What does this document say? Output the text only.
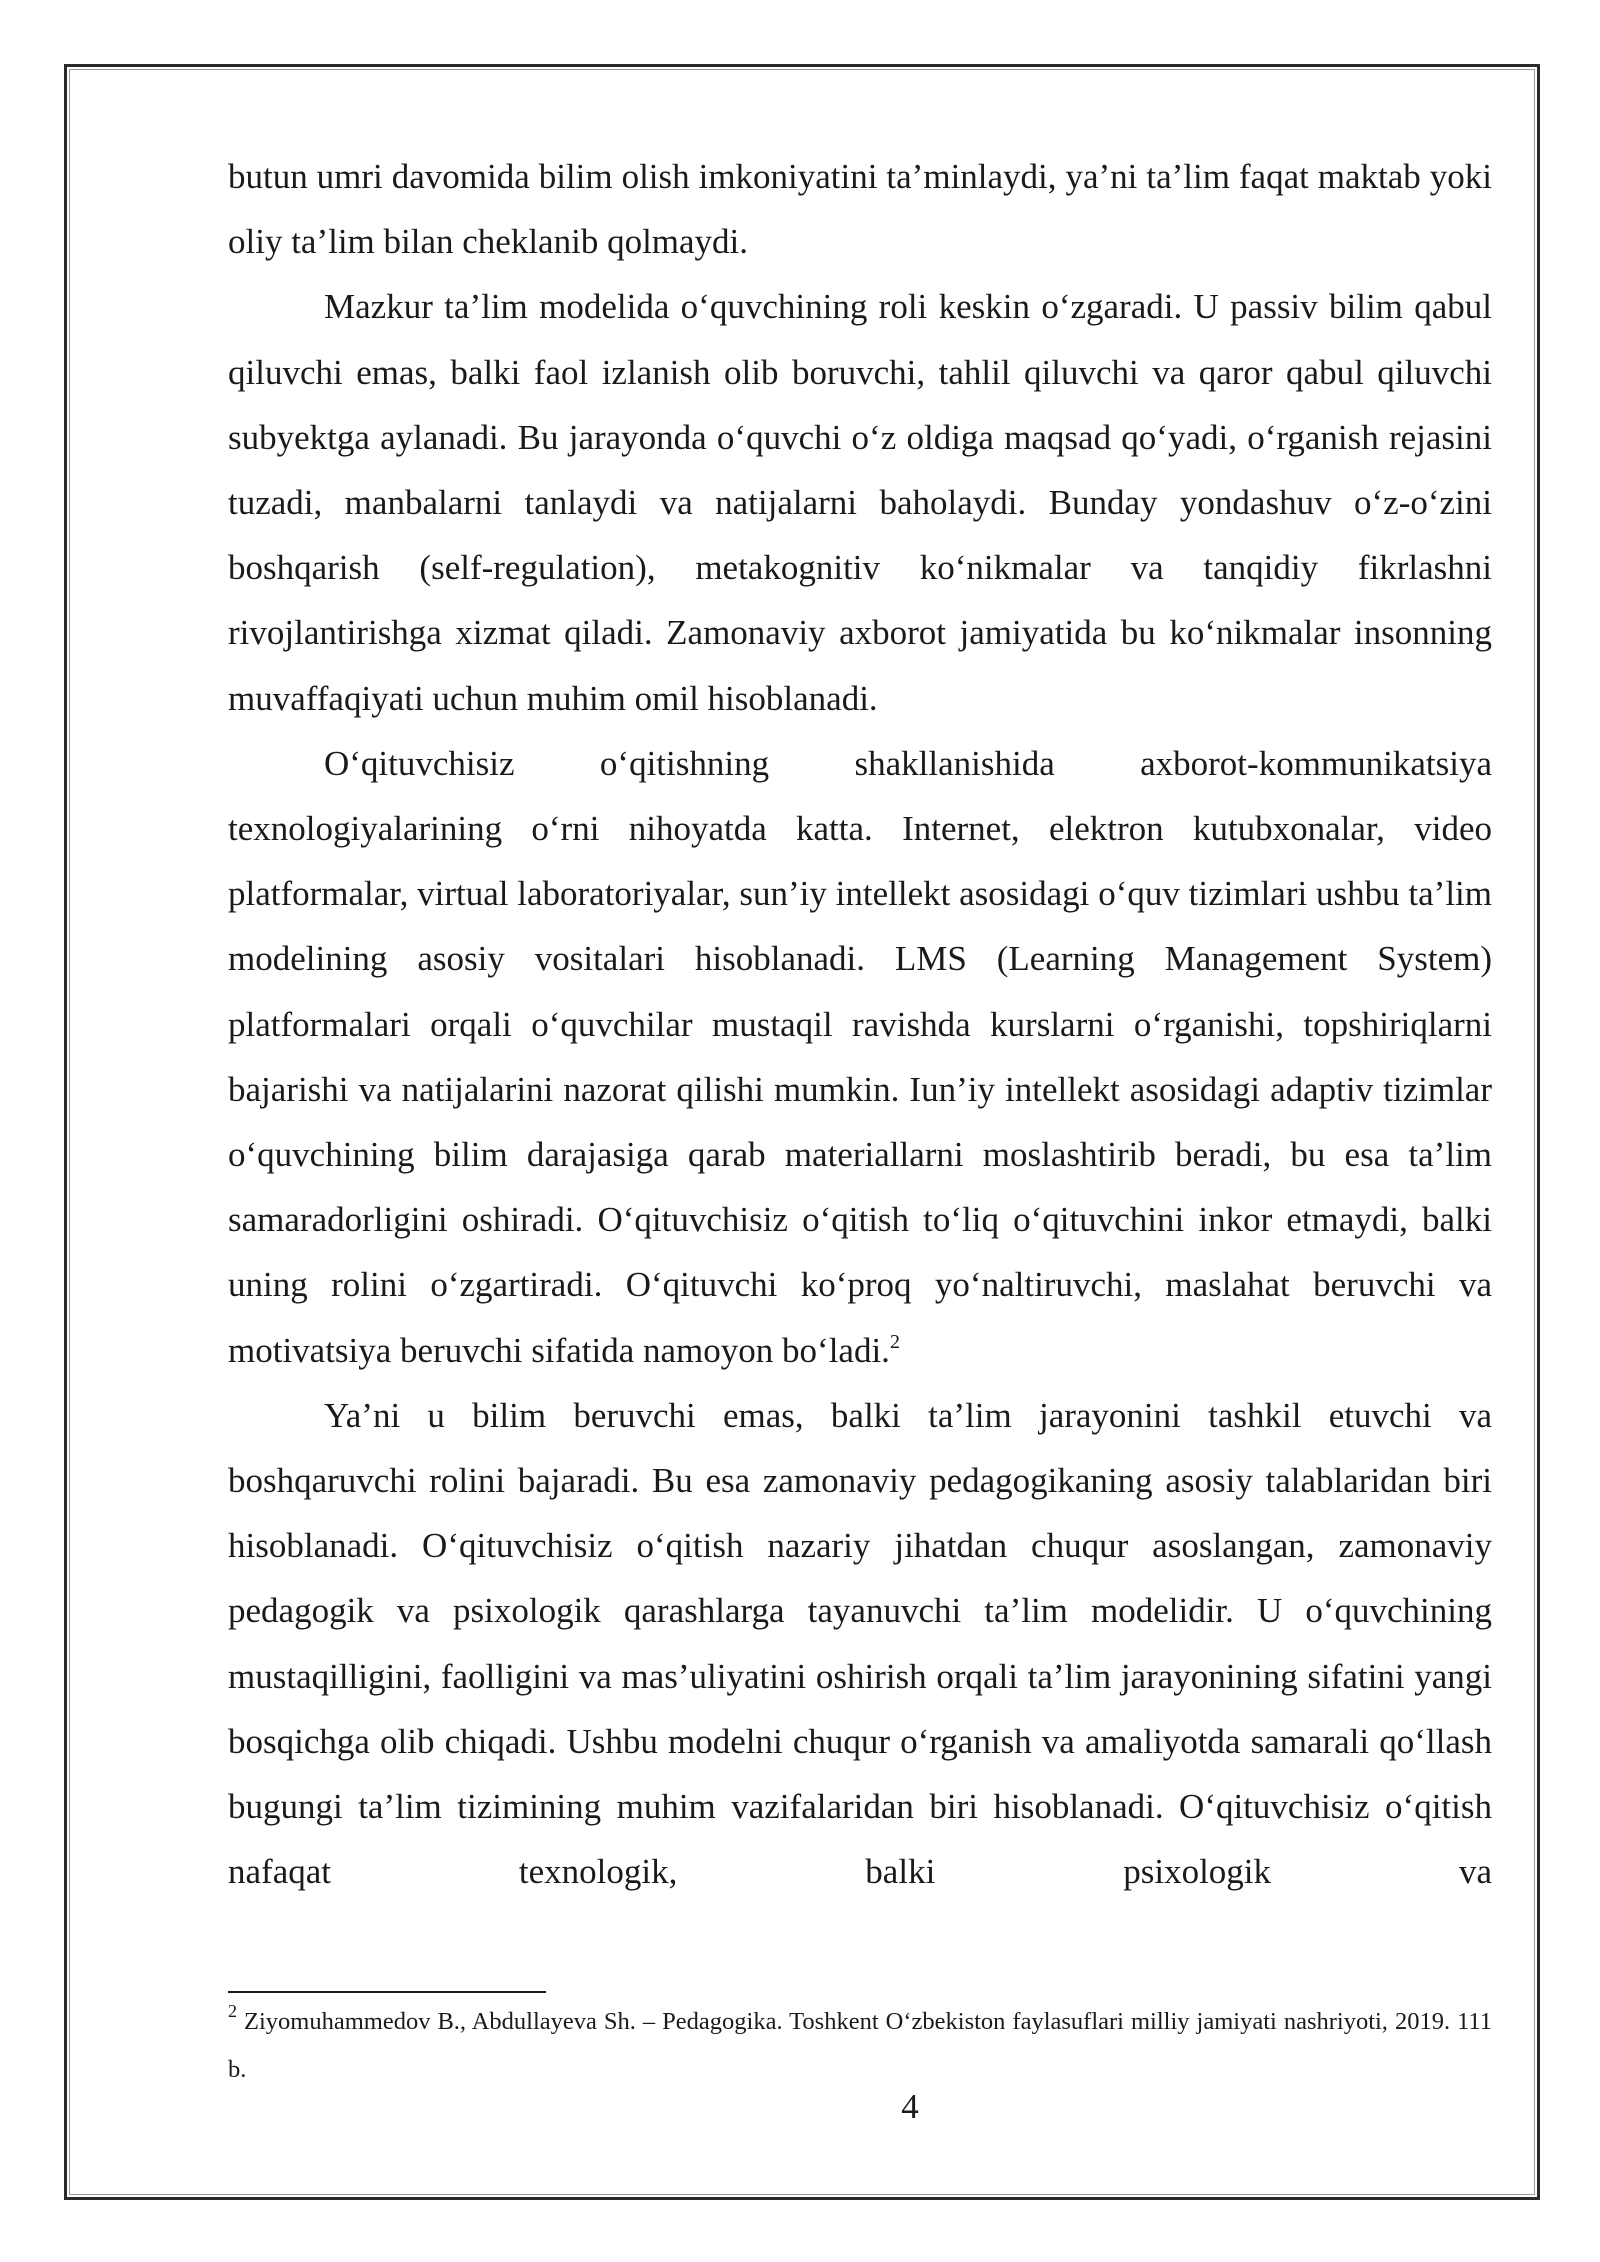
butun umri davomida bilim olish imkoniyatini ta’minlaydi, ya’ni ta’lim faqat maktab yoki oliy ta’lim bilan cheklanib qolmaydi.

Mazkur ta’lim modelida o‘quvchining roli keskin o‘zgaradi. U passiv bilim qabul qiluvchi emas, balki faol izlanish olib boruvchi, tahlil qiluvchi va qaror qabul qiluvchi subyektga aylanadi. Bu jarayonda o‘quvchi o‘z oldiga maqsad qo‘yadi, o‘rganish rejasini tuzadi, manbalarni tanlaydi va natijalarni baholaydi. Bunday yondashuv o‘z-o‘zini boshqarish (self-regulation), metakognitiv ko‘nikmalar va tanqidiy fikrlashni rivojlantirishga xizmat qiladi. Zamonaviy axborot jamiyatida bu ko‘nikmalar insonning muvaffaqiyati uchun muhim omil hisoblanadi.

O‘qituvchisiz o‘qitishning shakllanishida axborot-kommunikatsiya texnologiyalarining o‘rni nihoyatda katta. Internet, elektron kutubxonalar, video platformalar, virtual laboratoriyalar, sun’iy intellekt asosidagi o‘quv tizimlari ushbu ta’lim modelining asosiy vositalari hisoblanadi. LMS (Learning Management System) platformalari orqali o‘quvchilar mustaqil ravishda kurslarni o‘rganishi, topshiriqlarni bajarishi va natijalarini nazorat qilishi mumkin. Iun’iy intellekt asosidagi adaptiv tizimlar o‘quvchining bilim darajasiga qarab materiallarni moslashtirib beradi, bu esa ta’lim samaradorligini oshiradi. O‘qituvchisiz o‘qitish to‘liq o‘qituvchini inkor etmaydi, balki uning rolini o‘zgartiradi. O‘qituvchi ko‘proq yo‘naltiruvchi, maslahat beruvchi va motivatsiya beruvchi sifatida namoyon bo‘ladi.$^2$

Ya’ni u bilim beruvchi emas, balki ta’lim jarayonini tashkil etuvchi va boshqaruvchi rolini bajaradi. Bu esa zamonaviy pedagogikaning asosiy talablaridan biri hisoblanadi. O‘qituvchisiz o‘qitish nazariy jihatdan chuqur asoslangan, zamonaviy pedagogik va psixologik qarashlarga tayanuvchi ta’lim modelidir. U o‘quvchining mustaqilligini, faolligini va mas’uliyatini oshirish orqali ta’lim jarayonining sifatini yangi bosqichga olib chiqadi. Ushbu modelni chuqur o‘rganish va amaliyotda samarali qo‘llash bugungi ta’lim tizimining muhim vazifalaridan biri hisoblanadi. O‘qituvchisiz o‘qitish nafaqat texnologik, balki psixologik va

$^2$ Ziyomuhammedov B., Abdullayeva Sh. – Pedagogika. Toshkent O‘zbekiston faylasuflari milliy jamiyati nashriyoti, 2019. 111 b.
4
